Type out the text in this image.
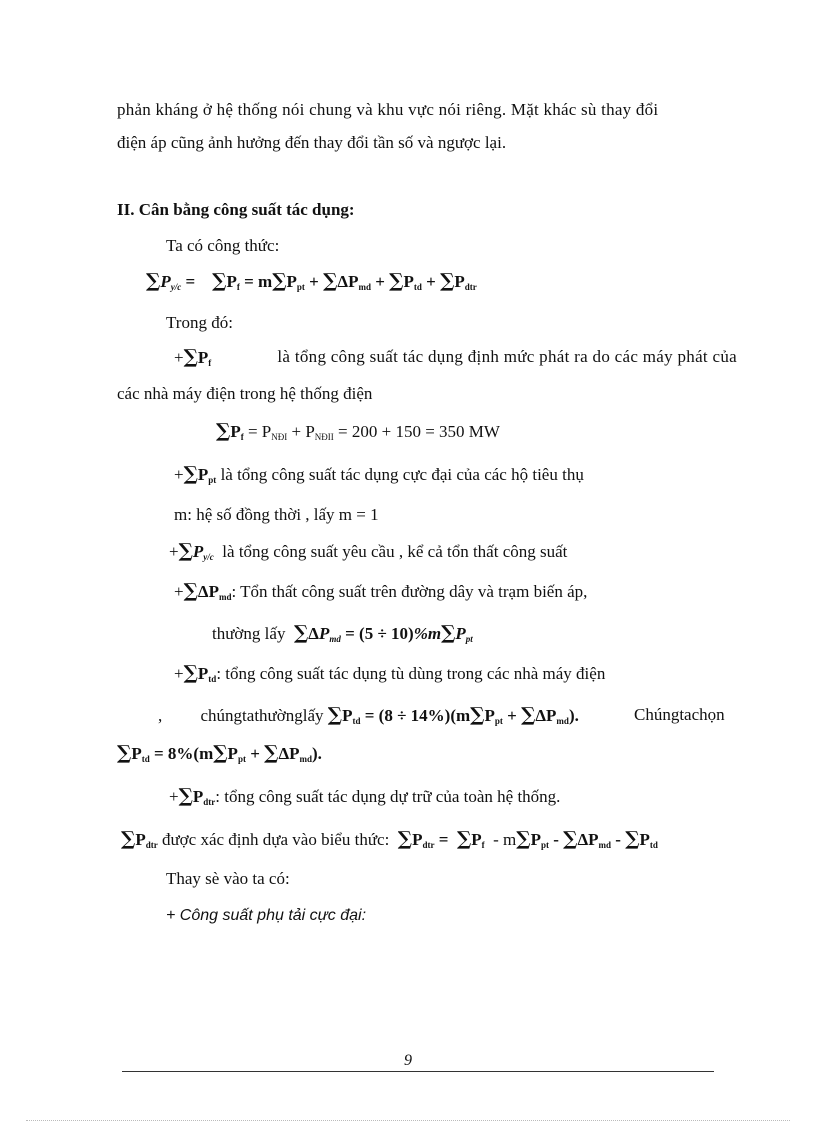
phản kháng ở hệ thống nói chung và khu vực nói riêng. Mặt khác sù thay đổi
điện áp cũng ảnh hưởng đến thay đổi tần số và ngược lại.
II. Cân bằng công suất tác dụng:
Ta có công thức:
$\sum P_{y/c}$ =    $\sum P_f = m\sum P_{pt} + \sum\Delta P_{md} + \sum P_{td} + \sum P_{dtr}$
Trong đó:
$+\sum P_f$	là tổng công suất tác dụng định mức phát ra do các máy phát của
các nhà máy điện trong hệ thống điện
$\sum P_f = P_{NĐI} + P_{NĐII} = 200 + 150 = 350$ MW
$+\sum P_{pt}$ là tổng công suất tác dụng cực đại của các hộ tiêu thụ
m: hệ số đồng thời , lấy m = 1
$+\sum P_{y/c}$ là tổng công suất yêu cầu , kể cả tổn thất công suất
$+\sum\Delta P_{md}$: Tổn thất công suất trên đường dây và trạm biến áp,
thường lấy $\sum\Delta P_{md} = (5 \div 10)\%m\sum P_{pt}$
$+\sum P_{td}$: tổng công suất tác dụng tù dùng trong các nhà máy điện
,         chúngtathườnglấy $\sum P_{td} = (8 \div 14\%)(m\sum P_{pt} + \sum\Delta P_{md})$.	Chúngtachọn
$\sum P_{td} = 8\%(m\sum P_{pt} + \sum\Delta P_{md})$.
$+\sum P_{dtr}$: tổng công suất tác dụng dự trữ của toàn hệ thống.
$\sum P_{dtr}$ được xác định dựa vào biểu thức: $\sum P_{dtr} = \sum P_f - m\sum P_{pt} - \sum\Delta P_{md} - \sum P_{td}$
Thay sè vào ta có:
+ Công suất phụ tải cực đại:
9
